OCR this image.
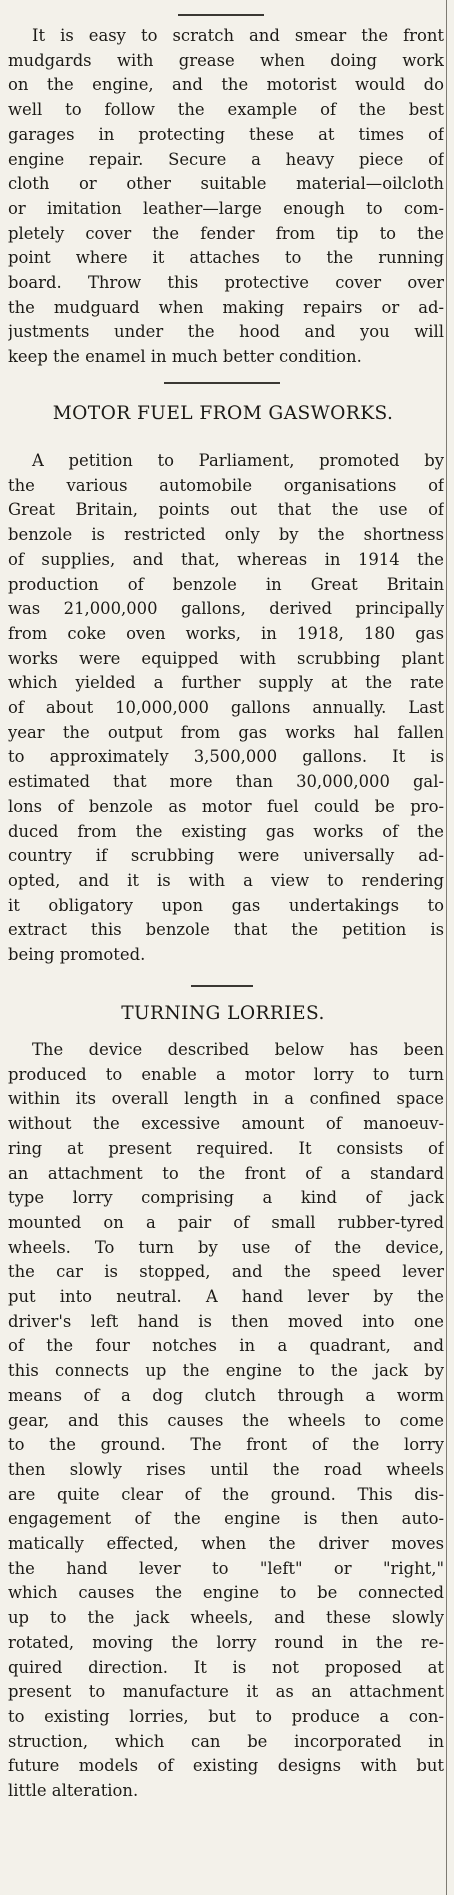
It is easy to scratch and smear the front
mudgards with grease when doing work
on the engine, and the motorist would do
well to follow the example of the best
garages in protecting these at times of
engine repair. Secure a heavy piece of
cloth or other suitable material—oilcloth
or imitation leather—large enough to com-
pletely cover the fender from tip to the
point where it attaches to the running
board. Throw this protective cover over
the mudguard when making repairs or ad-
justments under the hood and you will
keep the enamel in much better condition.
MOTOR FUEL FROM GASWORKS.
A petition to Parliament, promoted by
the various automobile organisations of
Great Britain, points out that the use of
benzole is restricted only by the shortness
of supplies, and that, whereas in 1914 the
production of benzole in Great Britain
was 21,000,000 gallons, derived principally
from coke oven works, in 1918, 180 gas
works were equipped with scrubbing plant
which yielded a further supply at the rate
of about 10,000,000 gallons annually. Last
year the output from gas works hal fallen
to approximately 3,500,000 gallons. It is
estimated that more than 30,000,000 gal-
lons of benzole as motor fuel could be pro-
duced from the existing gas works of the
country if scrubbing were universally ad-
opted, and it is with a view to rendering
it obligatory upon gas undertakings to
extract this benzole that the petition is
being promoted.
TURNING LORRIES.
The device described below has been
produced to enable a motor lorry to turn
within its overall length in a confined space
without the excessive amount of manoeuv-
ring at present required. It consists of
an attachment to the front of a standard
type lorry comprising a kind of jack
mounted on a pair of small rubber-tyred
wheels. To turn by use of the device,
the car is stopped, and the speed lever
put into neutral. A hand lever by the
driver's left hand is then moved into one
of the four notches in a quadrant, and
this connects up the engine to the jack by
means of a dog clutch through a worm
gear, and this causes the wheels to come
to the ground. The front of the lorry
then slowly rises until the road wheels
are quite clear of the ground. This dis-
engagement of the engine is then auto-
matically effected, when the driver moves
the hand lever to "left" or "right,"
which causes the engine to be connected
up to the jack wheels, and these slowly
rotated, moving the lorry round in the re-
quired direction. It is not proposed at
present to manufacture it as an attachment
to existing lorries, but to produce a con-
struction, which can be incorporated in
future models of existing designs with but
little alteration.
